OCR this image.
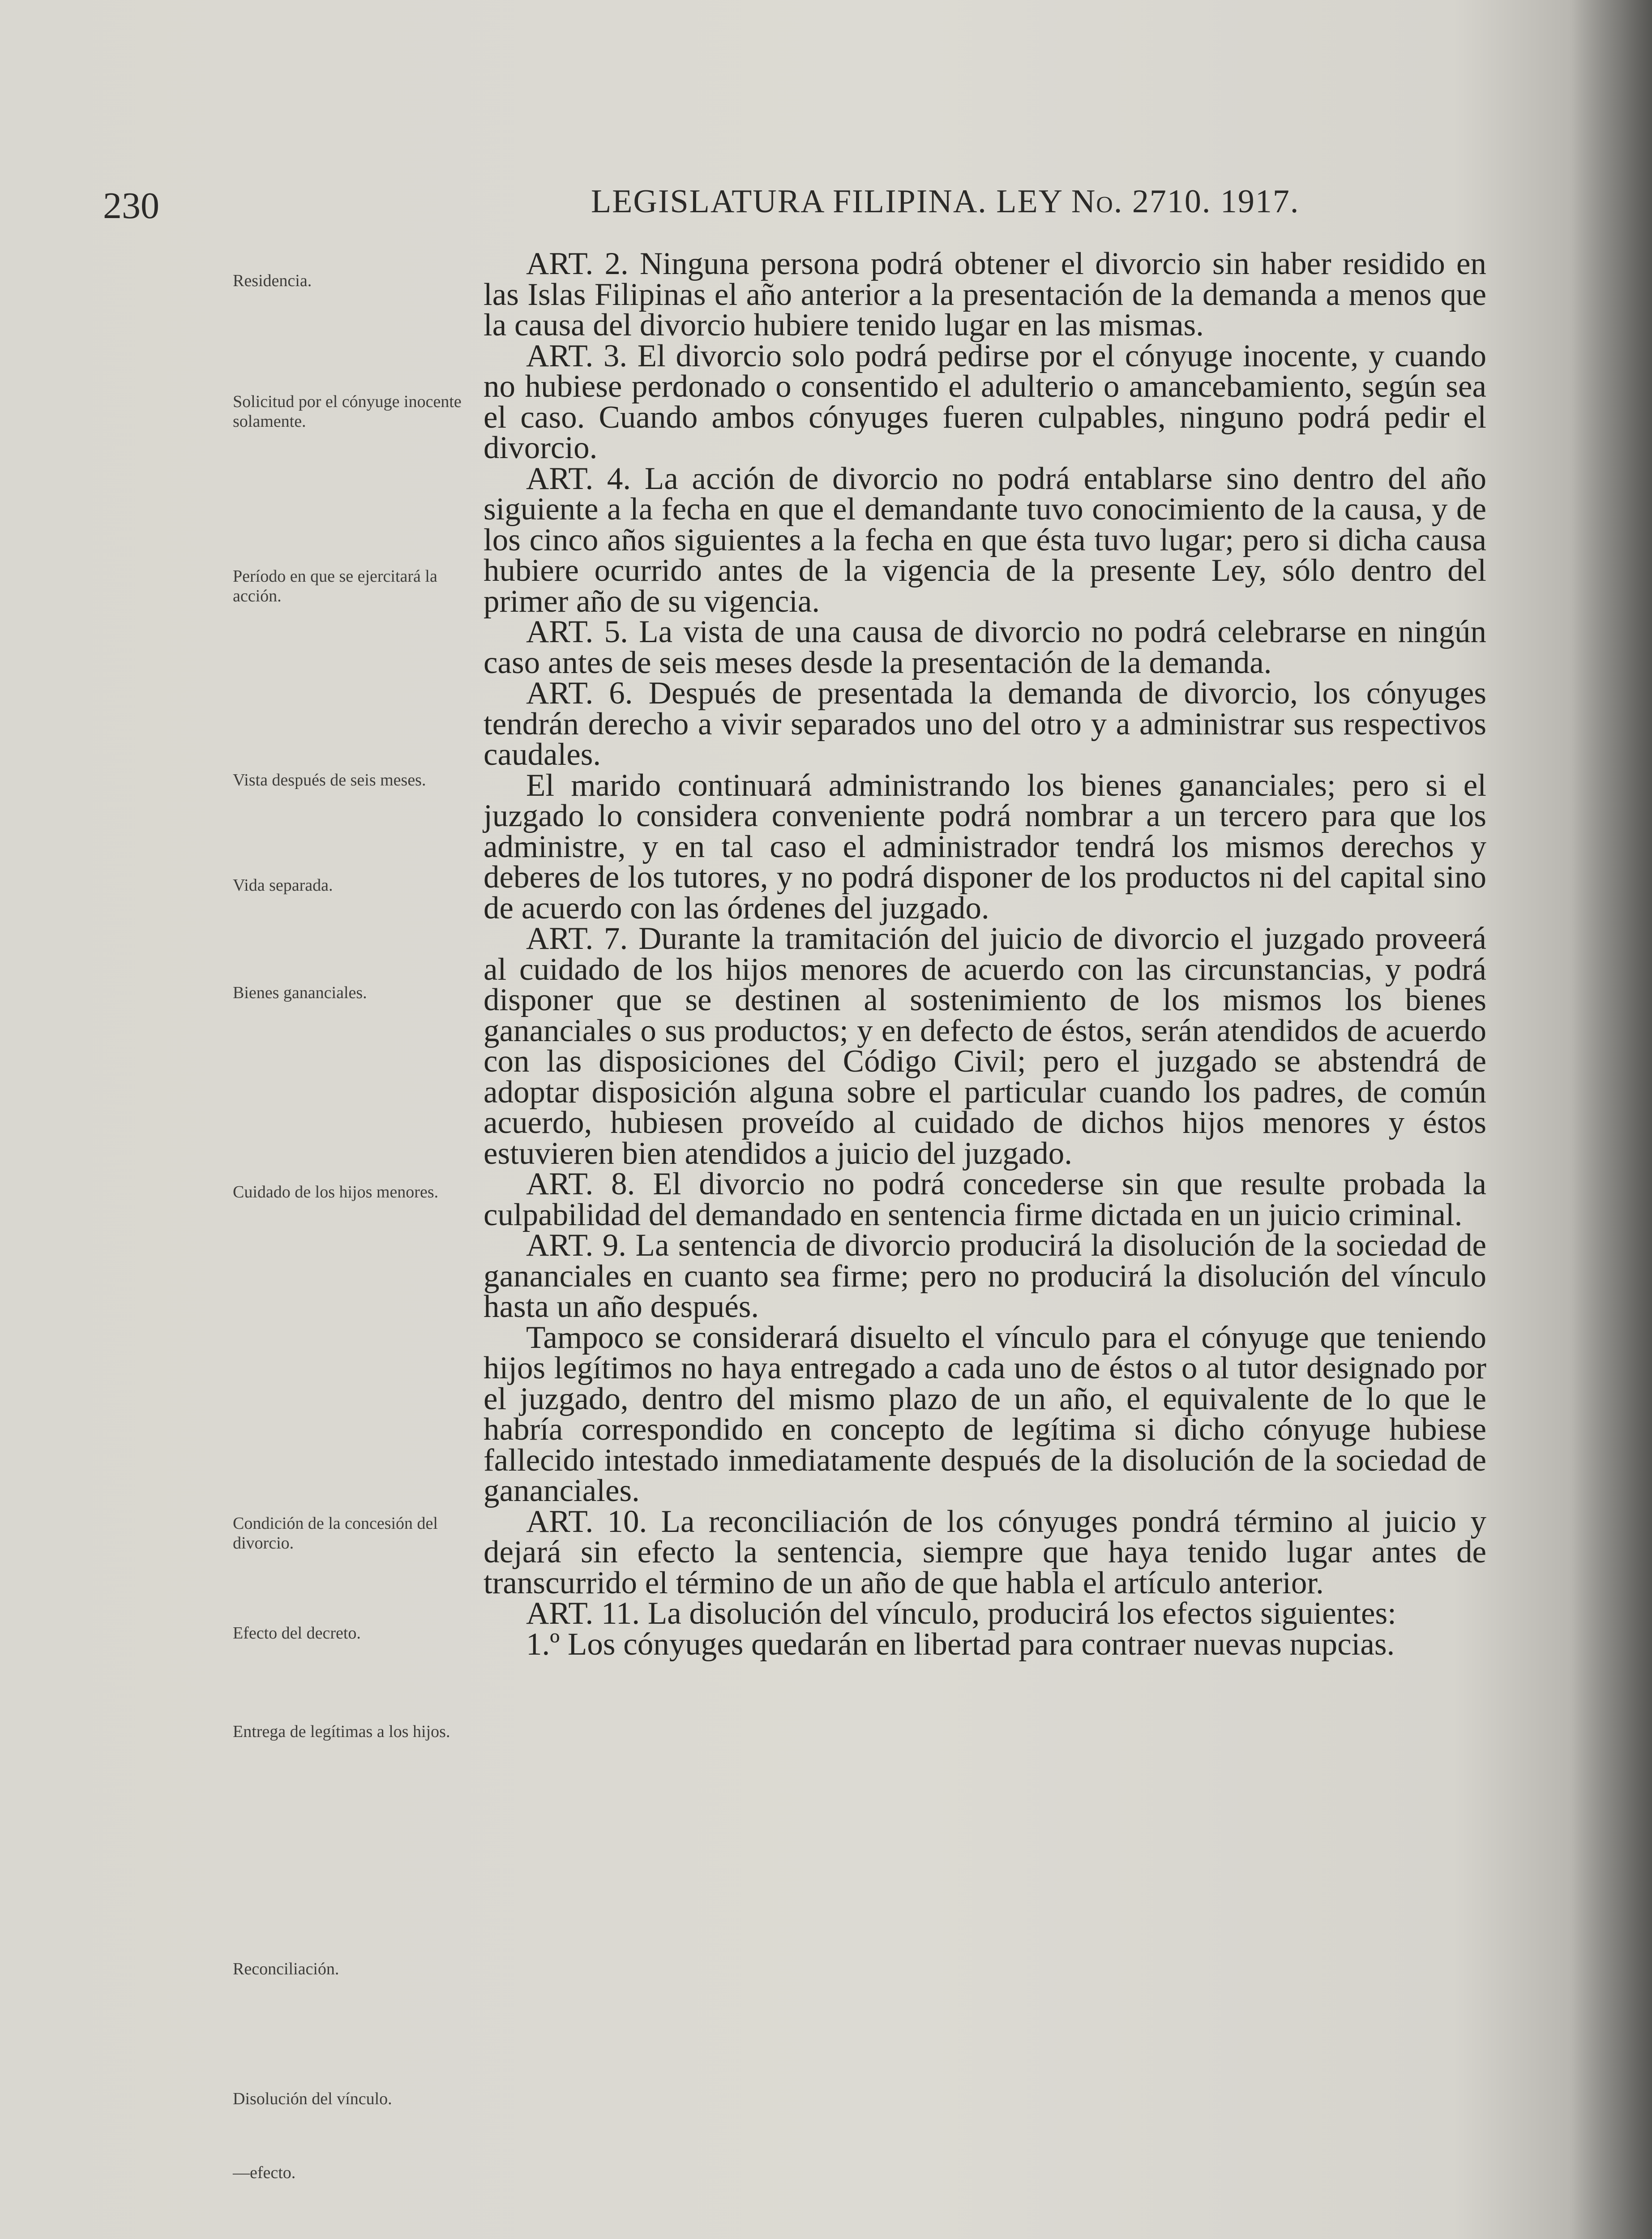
230	LEGISLATURA FILIPINA. LEY No. 2710. 1917.
Residencia.
Solicitud por el cónyuge inocente solamente.
Período en que se ejercitará la acción.
Vista después de seis meses.
Vida separada.
Bienes gananciales.
Cuidado de los hijos menores.
Condición de la concesión del divorcio.
Efecto del decreto.
Entrega de legítimas a los hijos.
Reconciliación.
Disolución del vínculo.
—efecto.

ART. 2. Ninguna persona podrá obtener el divorcio sin haber residido en las Islas Filipinas el año anterior a la presentación de la demanda a menos que la causa del divorcio hubiere tenido lugar en las mismas.

ART. 3. El divorcio solo podrá pedirse por el cónyuge inocente, y cuando no hubiese perdonado o consentido el adulterio o amancebamiento, según sea el caso. Cuando ambos cónyuges fueren culpables, ninguno podrá pedir el divorcio.

ART. 4. La acción de divorcio no podrá entablarse sino dentro del año siguiente a la fecha en que el demandante tuvo conocimiento de la causa, y de los cinco años siguientes a la fecha en que ésta tuvo lugar; pero si dicha causa hubiere ocurrido antes de la vigencia de la presente Ley, sólo dentro del primer año de su vigencia.

ART. 5. La vista de una causa de divorcio no podrá celebrarse en ningún caso antes de seis meses desde la presentación de la demanda.

ART. 6. Después de presentada la demanda de divorcio, los cónyuges tendrán derecho a vivir separados uno del otro y a administrar sus respectivos caudales.

El marido continuará administrando los bienes gananciales; pero si el juzgado lo considera conveniente podrá nombrar a un tercero para que los administre, y en tal caso el administrador tendrá los mismos derechos y deberes de los tutores, y no podrá disponer de los productos ni del capital sino de acuerdo con las órdenes del juzgado.

ART. 7. Durante la tramitación del juicio de divorcio el juzgado proveerá al cuidado de los hijos menores de acuerdo con las circunstancias, y podrá disponer que se destinen al sostenimiento de los mismos los bienes gananciales o sus productos; y en defecto de éstos, serán atendidos de acuerdo con las disposiciones del Código Civil; pero el juzgado se abstendrá de adoptar disposición alguna sobre el particular cuando los padres, de común acuerdo, hubiesen proveído al cuidado de dichos hijos menores y éstos estuvieren bien atendidos a juicio del juzgado.

ART. 8. El divorcio no podrá concederse sin que resulte probada la culpabilidad del demandado en sentencia firme dictada en un juicio criminal.

ART. 9. La sentencia de divorcio producirá la disolución de la sociedad de gananciales en cuanto sea firme; pero no producirá la disolución del vínculo hasta un año después.

Tampoco se considerará disuelto el vínculo para el cónyuge que teniendo hijos legítimos no haya entregado a cada uno de éstos o al tutor designado por el juzgado, dentro del mismo plazo de un año, el equivalente de lo que le habría correspondido en concepto de legítima si dicho cónyuge hubiese fallecido intestado inmediatamente después de la disolución de la sociedad de gananciales.

ART. 10. La reconciliación de los cónyuges pondrá término al juicio y dejará sin efecto la sentencia, siempre que haya tenido lugar antes de transcurrido el término de un año de que habla el artículo anterior.

ART. 11. La disolución del vínculo, producirá los efectos siguientes:

1.º Los cónyuges quedarán en libertad para contraer nuevas nupcias.
